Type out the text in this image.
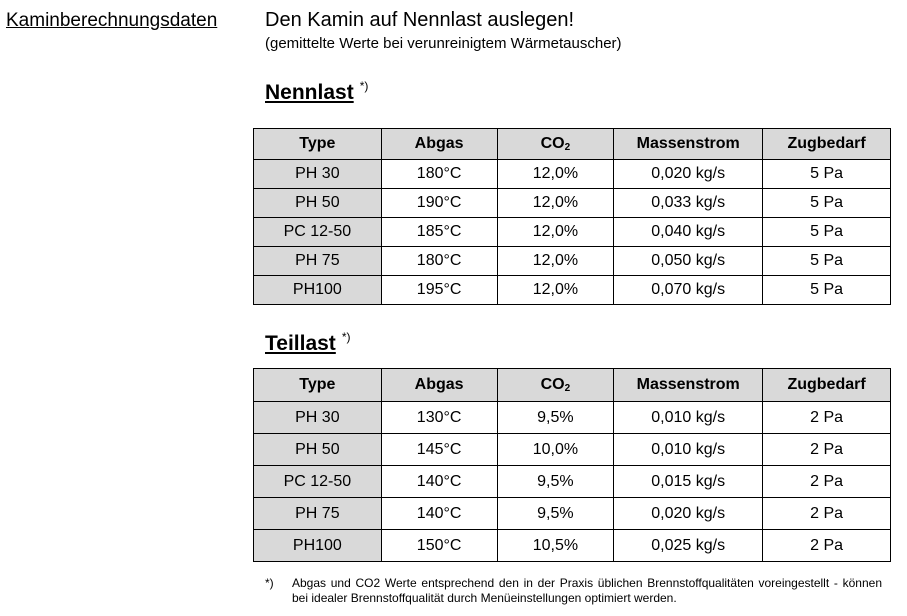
Kaminberechnungsdaten Den Kamin auf Nennlast auslegen!
(gemittelte Werte bei verunreinigtem Wärmetauscher)
Nennlast *)
Type	Abgas	$CO_2$	Massenstrom	Zugbedarf
PH 30	180°C	12,0%	0,020 kg/s	5 Pa
PH 50	190°C	12,0%	0,033 kg/s	5 Pa
PC 12-50	185°C	12,0%	0,040 kg/s	5 Pa
PH 75	180°C	12,0%	0,050 kg/s	5 Pa
PH100	195°C	12,0%	0,070 kg/s	5 Pa
Teillast *)
Type	Abgas	$CO_2$	Massenstrom	Zugbedarf
PH 30	130°C	9,5%	0,010 kg/s	2 Pa
PH 50	145°C	10,0%	0,010 kg/s	2 Pa
PC 12-50	140°C	9,5%	0,015 kg/s	2 Pa
PH 75	140°C	9,5%	0,020 kg/s	2 Pa
PH100	150°C	10,5%	0,025 kg/s	2 Pa
*) Abgas und CO2 Werte entsprechend den in der Praxis üblichen Brennstoffqualitäten voreingestellt - können bei idealer Brennstoffqualität durch Menüeinstellungen optimiert werden.
